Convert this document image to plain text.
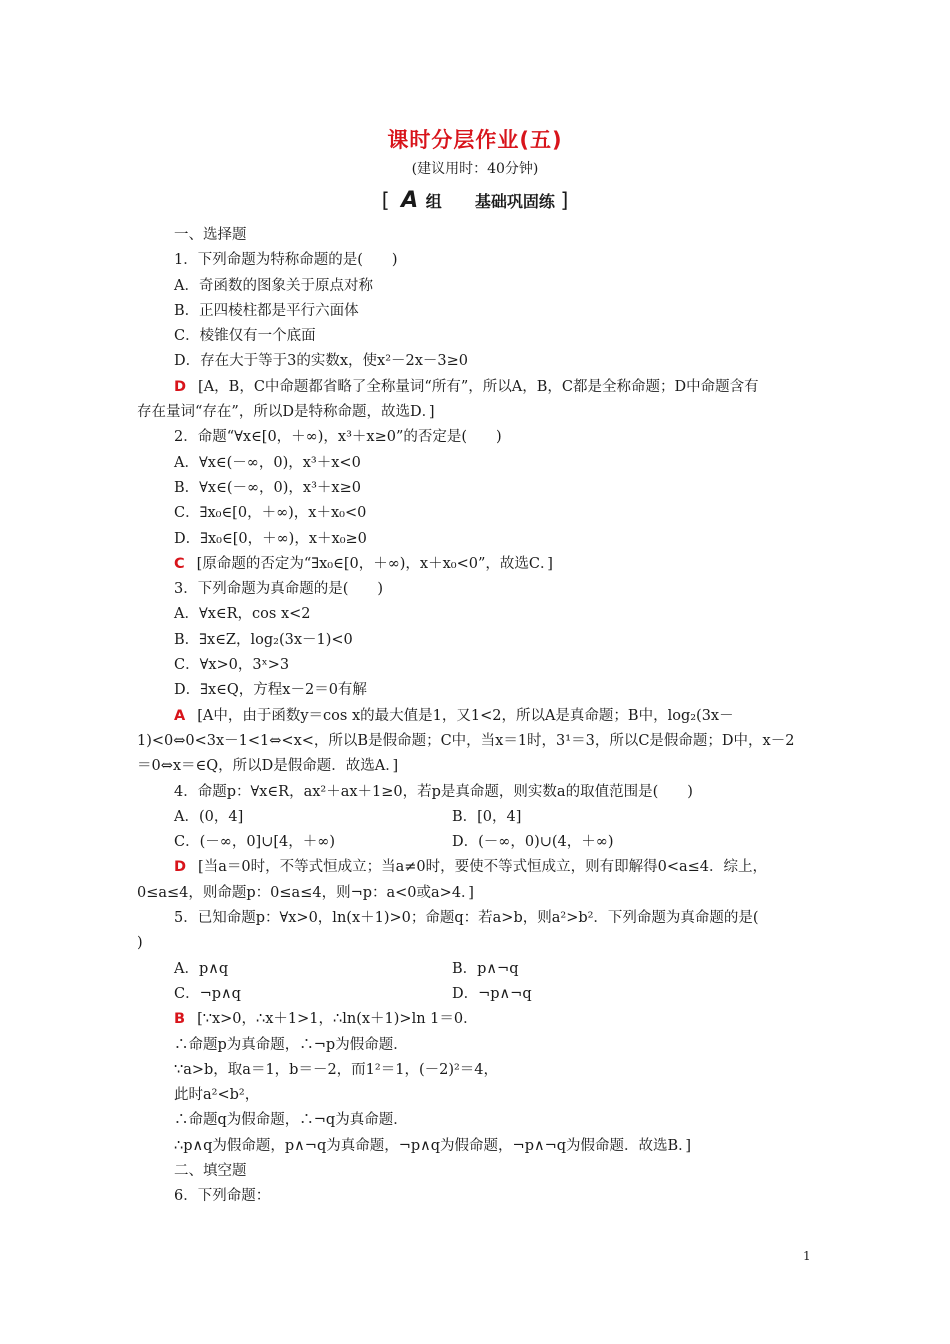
课时分层作业(五)
(建议用时：40分钟)
[ A 组 基础巩固练 ]
一、选择题
1．下列命题为特称命题的是(　　)
A．奇函数的图象关于原点对称
B．正四棱柱都是平行六面体
C．棱锥仅有一个底面
D．存在大于等于3的实数x，使x²－2x－3≥0
D [A，B，C中命题都省略了全称量词“所有”，所以A，B，C都是全称命题；D中命题含有
存在量词“存在”，所以D是特称命题，故选D．]
2．命题“∀x∈[0，＋∞)，x³＋x≥0”的否定是(　　)
A．∀x∈(－∞，0)，x³＋x<0
B．∀x∈(－∞，0)，x³＋x≥0
C．∃x₀∈[0，＋∞)，x＋x₀<0
D．∃x₀∈[0，＋∞)，x＋x₀≥0
C [原命题的否定为“∃x₀∈[0，＋∞)，x＋x₀<0”，故选C．]
3．下列命题为真命题的是(　　)
A．∀x∈R，cos x<2
B．∃x∈Z，log₂(3x－1)<0
C．∀x>0，3ˣ>3
D．∃x∈Q，方程x－2＝0有解
A [A中，由于函数y＝cos x的最大值是1，又1<2，所以A是真命题；B中，log₂(3x－
1)<0⇔0<3x－1<1⇔<x<，所以B是假命题；C中，当x＝1时，3¹＝3，所以C是假命题；D中，x－2
＝0⇔x＝∈Q，所以D是假命题．故选A．]
4．命题p：∀x∈R，ax²＋ax＋1≥0，若p是真命题，则实数a的取值范围是(　　)
A．(0，4]	B．[0，4]
C．(－∞，0]∪[4，＋∞)	D．(－∞，0)∪(4，＋∞)
D [当a＝0时，不等式恒成立；当a≠0时，要使不等式恒成立，则有即解得0<a≤4．综上，
0≤a≤4，则命题p：0≤a≤4，则¬p：a<0或a>4．]
5．已知命题p：∀x>0，ln(x＋1)>0；命题q：若a>b，则a²>b²．下列命题为真命题的是(
)
A．p∧q	B．p∧¬q
C．¬p∧q	D．¬p∧¬q
B [∵x>0，∴x＋1>1，∴ln(x＋1)>ln 1＝0．
∴命题p为真命题，∴¬p为假命题．
∵a>b，取a＝1，b＝－2，而1²＝1，(－2)²＝4，
此时a²<b²，
∴命题q为假命题，∴¬q为真命题．
∴p∧q为假命题，p∧¬q为真命题，¬p∧q为假命题，¬p∧¬q为假命题．故选B．]
二、填空题
6．下列命题：
1
